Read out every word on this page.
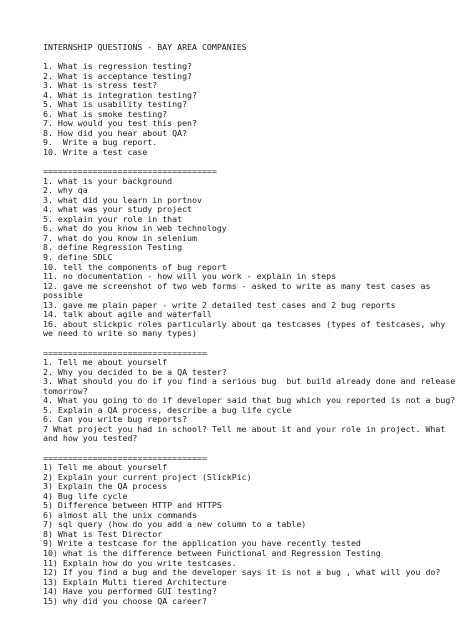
INTERNSHIP QUESTIONS - BAY AREA COMPANIES
1. What is regression testing?
2. What is acceptance testing?
3. What is stress test?
4. What is integration testing?
5. What is usability testing?
6. What is smoke testing?
7. How would you test this pen?
8. How did you hear about QA?
9.  Write a bug report.
10. Write a test case
===================================
1. what is your background
2. why qa
3. what did you learn in portnov
4. what was your study project
5. explain your role in that
6. what do you know in web technology
7. what do you know in selenium
8. define Regression Testing
9. define SDLC
10. tell the components of bug report
11. no documentation - how will you work - explain in steps
12. gave me screenshot of two web forms - asked to write as many test cases as
possible
13. gave me plain paper - write 2 detailed test cases and 2 bug reports
14. talk about agile and waterfall
16. about slickpic roles particularly about qa testcases (types of testcases, why
we need to write so many types)
=================================
1. Tell me about yourself
2. Why you decided to be a QA tester?
3. What should you do if you find a serious bug  but build already done and release
tomorrow?
4. What you going to do if developer said that bug which you reported is not a bug?
5. Explain a QA process, describe a bug life cycle
6. Can you write bug reports?
7 What project you had in school? Tell me about it and your role in project. What
and how you tested?
=================================
1) Tell me about yourself
2) Explain your current project (SlickPic)
3) Explain the QA process
4) Bug life cycle
5) Difference between HTTP and HTTPS
6) almost all the unix commands
7) sql query (how do you add a new column to a table)
8) What is Test Director
9) Write a testcase for the application you have recently tested
10) what is the difference between Functional and Regression Testing
11) Explain how do you write testcases.
12) If you find a bug and the developer says it is not a bug , what will you do?
13) Explain Multi tiered Architecture
14) Have you performed GUI testing?
15) why did you choose QA career?
